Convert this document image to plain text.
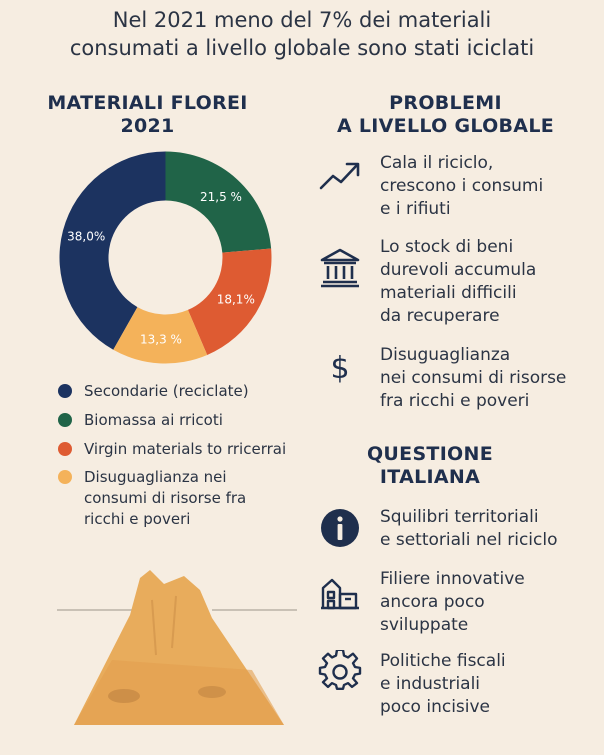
Nel 2021 meno del 7% dei materiali
consumati a livello globale sono stati iciclati
MATERIALI FLOREI
2021
38,0%
21,5 %
18,1%
13,3 %
Secondarie (reciclate)
Biomassa ai rricoti
Virgin materials to rricerrai
Disuguaglianza nei
consumi di risorse fra
ricchi e poveri
PROBLEMI
A LIVELLO GLOBALE
Cala il riciclo,
crescono i consumi
e i rifiuti
Lo stock di beni
durevoli accumula
materiali difficili
da recuperare
$ Disuguaglianza
nei consumi di risorse
fra ricchi e poveri
QUESTIONE
ITALIANA
Squilibri territoriali
e settoriali nel riciclo
Filiere innovative
ancora poco
sviluppate
Politiche fiscali
e industriali
poco incisive
